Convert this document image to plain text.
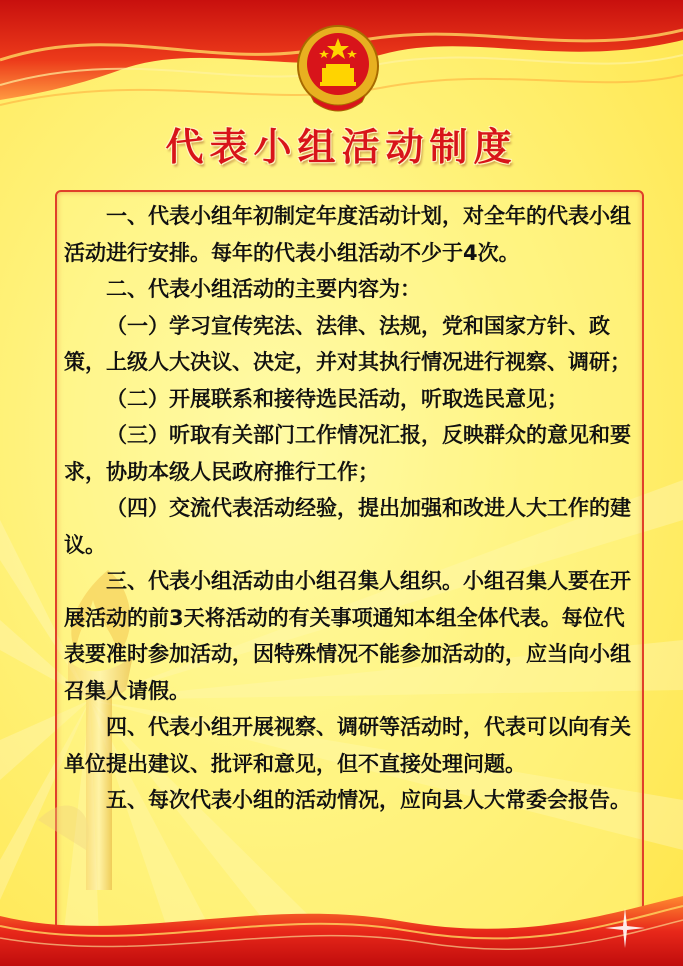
代表小组活动制度

一、代表小组年初制定年度活动计划，对全年的代表小组活动进行安排。每年的代表小组活动不少于4次。

二、代表小组活动的主要内容为：

（一）学习宣传宪法、法律、法规，党和国家方针、政策，上级人大决议、决定，并对其执行情况进行视察、调研；

（二）开展联系和接待选民活动，听取选民意见；

（三）听取有关部门工作情况汇报，反映群众的意见和要求，协助本级人民政府推行工作；

（四）交流代表活动经验，提出加强和改进人大工作的建议。

三、代表小组活动由小组召集人组织。小组召集人要在开展活动的前3天将活动的有关事项通知本组全体代表。每位代表要准时参加活动，因特殊情况不能参加活动的，应当向小组召集人请假。

四、代表小组开展视察、调研等活动时，代表可以向有关单位提出建议、批评和意见，但不直接处理问题。

五、每次代表小组的活动情况，应向县人大常委会报告。
